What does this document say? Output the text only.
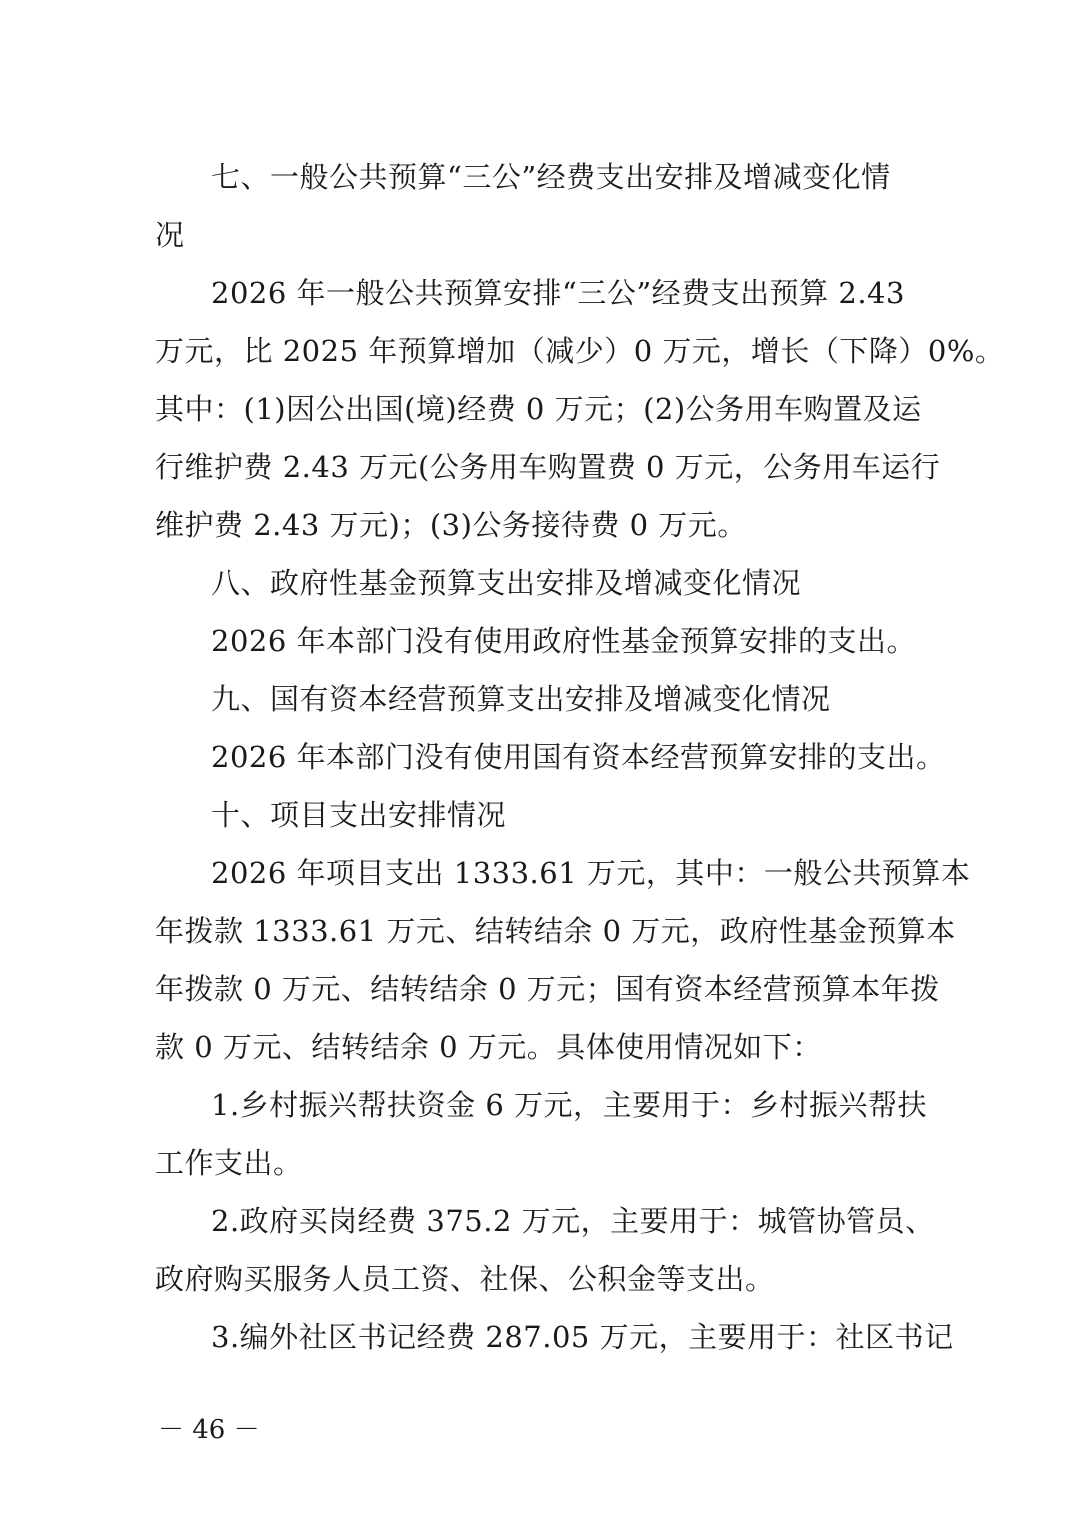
七、一般公共预算“三公”经费支出安排及增减变化情
况
2026 年一般公共预算安排“三公”经费支出预算 2.43
万元，比 2025 年预算增加（减少）0 万元，增长（下降）0%。
其中：(1)因公出国(境)经费 0 万元；(2)公务用车购置及运
行维护费 2.43 万元(公务用车购置费 0 万元，公务用车运行
维护费 2.43 万元)；(3)公务接待费 0 万元。
八、政府性基金预算支出安排及增减变化情况
2026 年本部门没有使用政府性基金预算安排的支出。
九、国有资本经营预算支出安排及增减变化情况
2026 年本部门没有使用国有资本经营预算安排的支出。
十、项目支出安排情况
2026 年项目支出 1333.61 万元，其中：一般公共预算本
年拨款 1333.61 万元、结转结余 0 万元，政府性基金预算本
年拨款 0 万元、结转结余 0 万元；国有资本经营预算本年拨
款 0 万元、结转结余 0 万元。具体使用情况如下：
1.乡村振兴帮扶资金 6 万元，主要用于：乡村振兴帮扶
工作支出。
2.政府买岗经费 375.2 万元，主要用于：城管协管员、
政府购买服务人员工资、社保、公积金等支出。
3.编外社区书记经费 287.05 万元，主要用于：社区书记
－ 46 －
